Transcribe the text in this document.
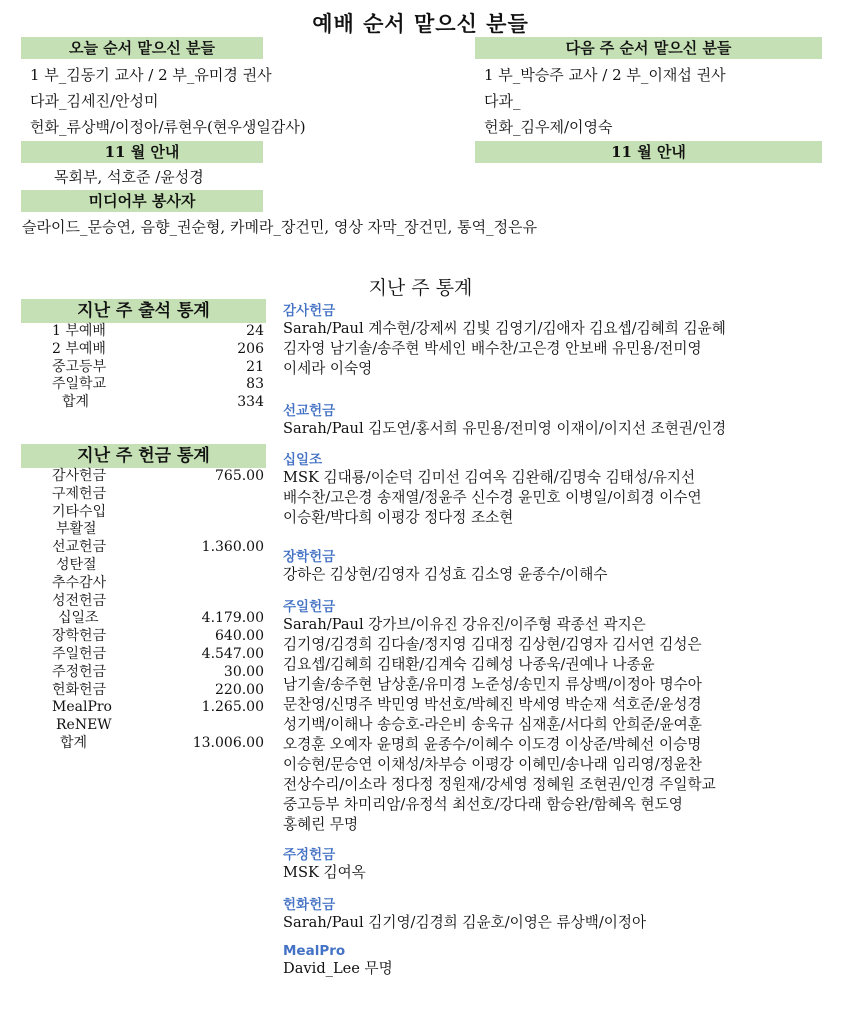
예배 순서 맡으신 분들
오늘 순서 맡으신 분들
1 부_김동기 교사 / 2 부_유미경 권사
다과_김세진/안성미
헌화_류상백/이정아/류현우(현우생일감사)
다음 주 순서 맡으신 분들
1 부_박승주 교사 / 2 부_이재섭 권사
다과_
헌화_김우제/이영숙
11 월 안내	11 월 안내
목회부, 석호준 /윤성경
미디어부 봉사자
슬라이드_문승연, 음향_권순형, 카메라_장건민, 영상 자막_장건민, 통역_정은유
지난 주 통계
지난 주 출석 통계
1 부예배	24
2 부예배	206
중고등부	21
주일학교	83
합계	334
지난 주 헌금 통계
감사헌금	765.00
구제헌금	
기타수입	
부활절	
선교헌금	1.360.00
성탄절	
추수감사	
성전헌금	
십일조	4.179.00
장학헌금	640.00
주일헌금	4.547.00
주정헌금	30.00
헌화헌금	220.00
MealPro	1.265.00
ReNEW	
합계	13.006.00
감사헌금
Sarah/Paul 계수현/강제씨 김빛 김영기/김애자 김요셉/김혜희 김윤혜
김자영 남기솔/송주현 박세인 배수찬/고은경 안보배 유민용/전미영
이세라 이숙영
선교헌금
Sarah/Paul 김도연/홍서희 유민용/전미영 이재이/이지선 조현권/인경
십일조
MSK 김대룡/이순덕 김미선 김여옥 김완해/김명숙 김태성/유지선
배수찬/고은경 송재열/정윤주 신수경 윤민호 이병일/이희경 이수연
이승환/박다희 이평강 정다정 조소현
장학헌금
강하은 김상현/김영자 김성효 김소영 윤종수/이해수
주일헌금
Sarah/Paul 강가브/이유진 강유진/이주형 곽종선 곽지은
김기영/김경희 김다솔/정지영 김대정 김상현/김영자 김서연 김성은
김요셉/김혜희 김태환/김계숙 김혜성 나종욱/권예나 나종윤
남기솔/송주현 남상훈/유미경 노준성/송민지 류상백/이정아 명수아
문찬영/신명주 박민영 박선호/박혜진 박세영 박순재 석호준/윤성경
성기백/이해나 송승호-라은비 송욱규 심재훈/서다희 안희준/윤여훈
오경훈 오예자 윤명희 윤종수/이혜수 이도경 이상준/박혜선 이승명
이승현/문승연 이채성/차부승 이평강 이혜민/송나래 임리영/정윤찬
전상수리/이소라 정다정 정원재/강세영 정혜원 조현권/인경 주일학교
중고등부 차미리암/유정석 최선호/강다래 함승완/함혜옥 현도영
홍혜린 무명
주정헌금
MSK 김여옥
헌화헌금
Sarah/Paul 김기영/김경희 김윤호/이영은 류상백/이정아
MealPro
David_Lee 무명
